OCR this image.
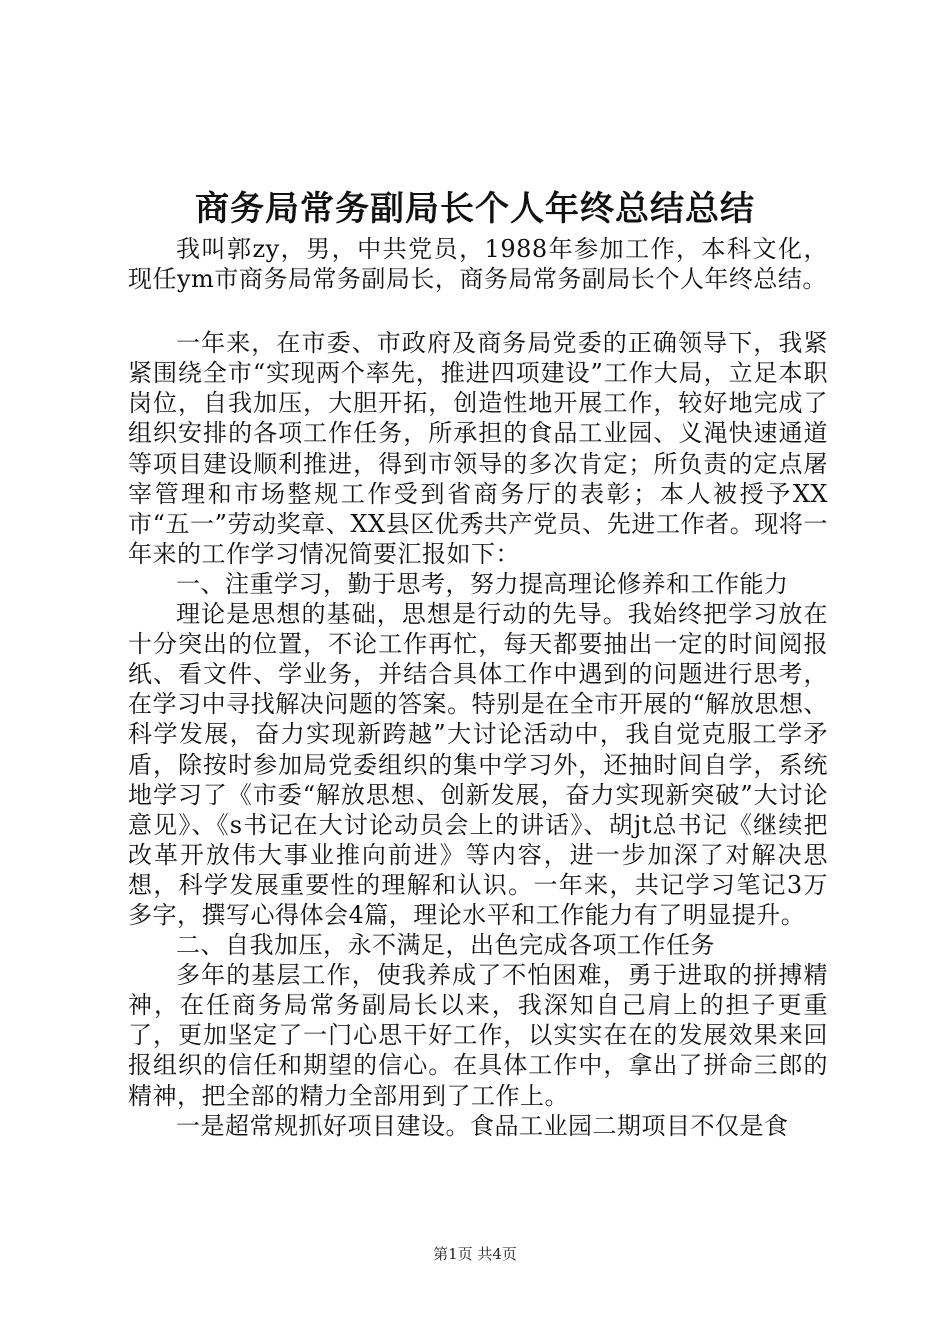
商务局常务副局长个人年终总结总结

我叫郭zy，男，中共党员，1988年参加工作，本科文化，现任ym市商务局常务副局长，商务局常务副局长个人年终总结。

一年来，在市委、市政府及商务局党委的正确领导下，我紧紧围绕全市“实现两个率先，推进四项建设”工作大局，立足本职岗位，自我加压，大胆开拓，创造性地开展工作，较好地完成了组织安排的各项工作任务，所承担的食品工业园、义渑快速通道等项目建设顺利推进，得到市领导的多次肯定；所负责的定点屠宰管理和市场整规工作受到省商务厅的表彰；本人被授予XX市“五一”劳动奖章、XX县区优秀共产党员、先进工作者。现将一年来的工作学习情况简要汇报如下：

一、注重学习，勤于思考，努力提高理论修养和工作能力

理论是思想的基础，思想是行动的先导。我始终把学习放在十分突出的位置，不论工作再忙，每天都要抽出一定的时间阅报纸、看文件、学业务，并结合具体工作中遇到的问题进行思考，在学习中寻找解决问题的答案。特别是在全市开展的“解放思想、科学发展，奋力实现新跨越”大讨论活动中，我自觉克服工学矛盾，除按时参加局党委组织的集中学习外，还抽时间自学，系统地学习了《市委“解放思想、创新发展，奋力实现新突破”大讨论意见》、《s书记在大讨论动员会上的讲话》、胡jt总书记《继续把改革开放伟大事业推向前进》等内容，进一步加深了对解决思想，科学发展重要性的理解和认识。一年来，共记学习笔记3万多字，撰写心得体会4篇，理论水平和工作能力有了明显提升。

二、自我加压，永不满足，出色完成各项工作任务

多年的基层工作，使我养成了不怕困难，勇于进取的拼搏精神，在任商务局常务副局长以来，我深知自己肩上的担子更重了，更加坚定了一门心思干好工作，以实实在在的发展效果来回报组织的信任和期望的信心。在具体工作中，拿出了拼命三郎的精神，把全部的精力全部用到了工作上。

一是超常规抓好项目建设。食品工业园二期项目不仅是食

第1页 共4页
